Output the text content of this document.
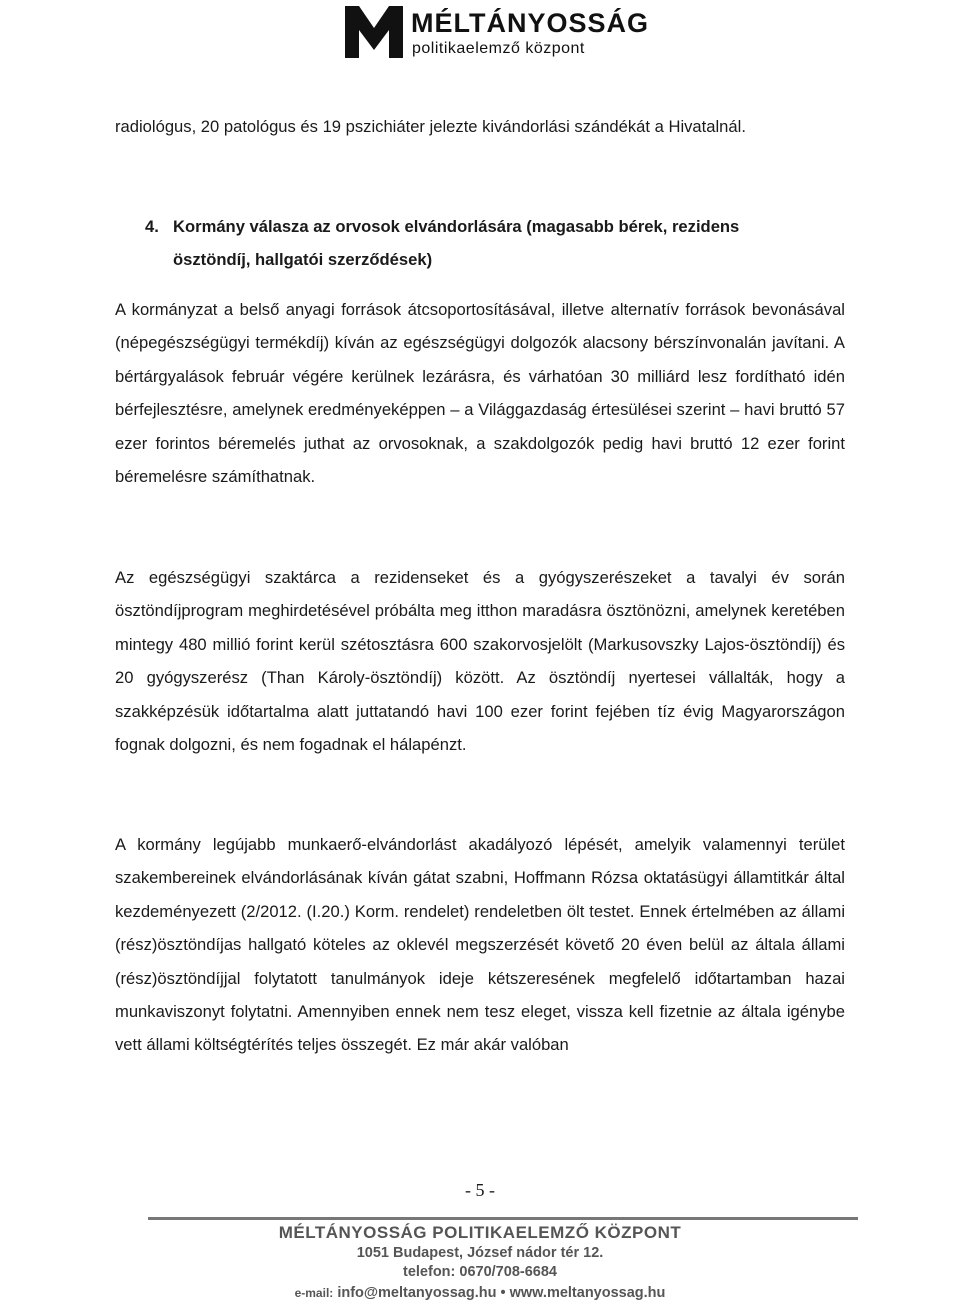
MÉLTÁNYOSSÁG
politikaelemző központ
radiológus, 20 patológus és 19 pszichiáter jelezte kivándorlási szándékát a Hivatalnál.
4. Kormány válasza az orvosok elvándorlására (magasabb bérek, rezidens
ösztöndíj, hallgatói szerződések)
A kormányzat a belső anyagi források átcsoportosításával, illetve alternatív források bevonásával (népegészségügyi termékdíj) kíván az egészségügyi dolgozók alacsony bérszínvonalán javítani. A bértárgyalások február végére kerülnek lezárásra, és várhatóan 30 milliárd lesz fordítható idén bérfejlesztésre, amelynek eredményeképpen – a Világgazdaság értesülései szerint – havi bruttó 57 ezer forintos béremelés juthat az orvosoknak, a szakdolgozók pedig havi bruttó 12 ezer forint béremelésre számíthatnak.
Az egészségügyi szaktárca a rezidenseket és a gyógyszerészeket a tavalyi év során ösztöndíjprogram meghirdetésével próbálta meg itthon maradásra ösztönözni, amelynek keretében mintegy 480 millió forint kerül szétosztásra 600 szakorvosjelölt (Markusovszky Lajos-ösztöndíj) és 20 gyógyszerész (Than Károly-ösztöndíj) között. Az ösztöndíj nyertesei vállalták, hogy a szakképzésük időtartalma alatt juttatandó havi 100 ezer forint fejében tíz évig Magyarországon fognak dolgozni, és nem fogadnak el hálapénzt.
A kormány legújabb munkaerő-elvándorlást akadályozó lépését, amelyik valamennyi terület szakembereinek elvándorlásának kíván gátat szabni, Hoffmann Rózsa oktatásügyi államtitkár által kezdeményezett (2/2012. (I.20.) Korm. rendelet) rendeletben ölt testet. Ennek értelmében az állami (rész)ösztöndíjas hallgató köteles az oklevél megszerzését követő 20 éven belül az általa állami (rész)ösztöndíjjal folytatott tanulmányok ideje kétszeresének megfelelő időtartamban hazai munkaviszonyt folytatni. Amennyiben ennek nem tesz eleget, vissza kell fizetnie az általa igénybe vett állami költségtérítés teljes összegét. Ez már akár valóban
- 5 -
MÉLTÁNYOSSÁG POLITIKAELEMZŐ KÖZPONT
1051 Budapest, József nádor tér 12.
telefon: 0670/708-6684
e-mail: info@meltanyossag.hu • www.meltanyossag.hu
